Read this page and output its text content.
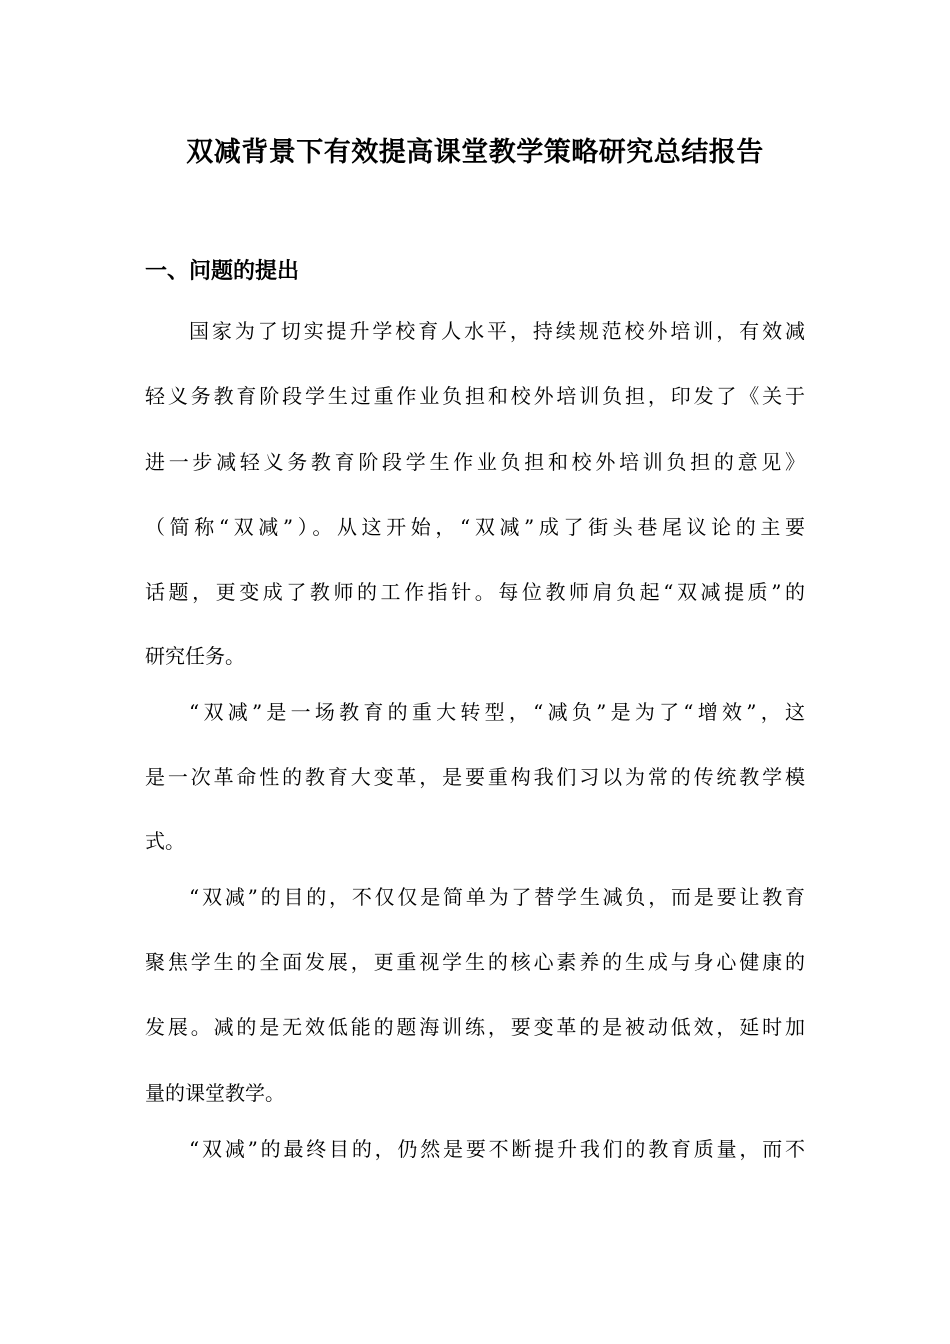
双减背景下有效提高课堂教学策略研究总结报告
一、问题的提出
国家为了切实提升学校育人水平，持续规范校外培训，有效减
轻义务教育阶段学生过重作业负担和校外培训负担，印发了《关于
进一步减轻义务教育阶段学生作业负担和校外培训负担的意见》
（简称“双减”）。从这开始，“双减”成了街头巷尾议论的主要
话题，更变成了教师的工作指针。每位教师肩负起“双减提质”的
研究任务。
“双减”是一场教育的重大转型，“减负”是为了“增效”，这
是一次革命性的教育大变革，是要重构我们习以为常的传统教学模
式。
“双减”的目的，不仅仅是简单为了替学生减负，而是要让教育
聚焦学生的全面发展，更重视学生的核心素养的生成与身心健康的
发展。减的是无效低能的题海训练，要变革的是被动低效，延时加
量的课堂教学。
“双减”的最终目的，仍然是要不断提升我们的教育质量，而不
